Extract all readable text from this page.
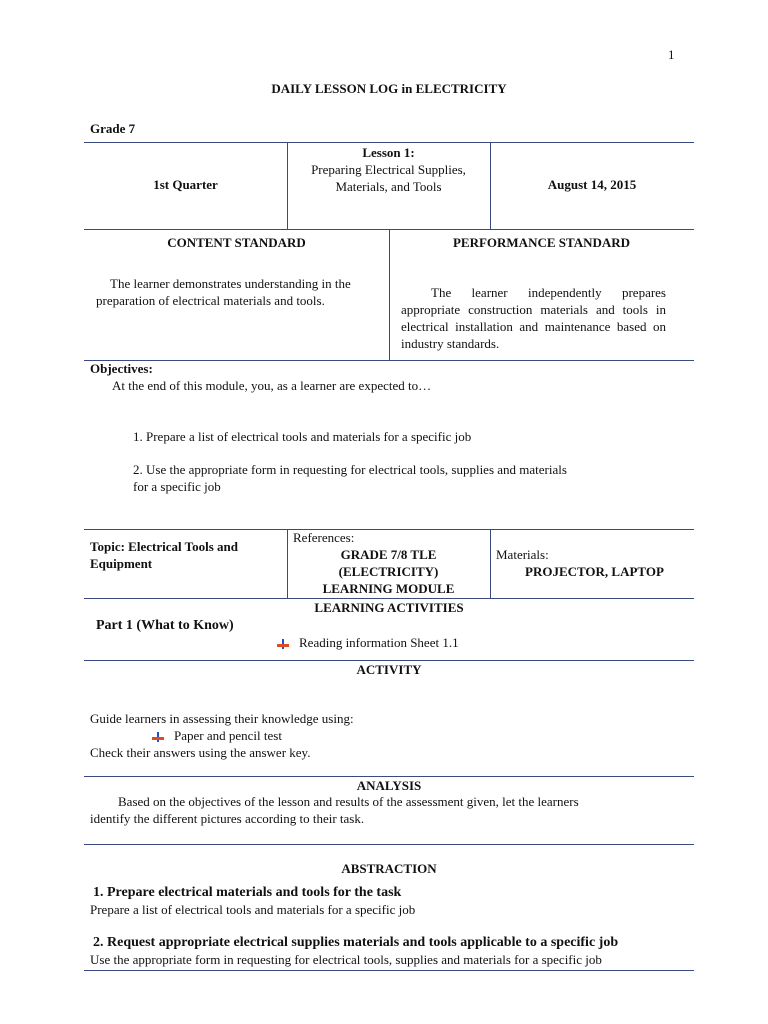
1
DAILY LESSON LOG in ELECTRICITY
Grade 7
1st Quarter
Lesson 1:
Preparing Electrical Supplies,
Materials, and Tools	August 14, 2015
CONTENT STANDARD
The learner demonstrates understanding in the preparation of electrical materials and tools.
PERFORMANCE STANDARD
The learner independently prepares appropriate construction materials and tools in electrical installation and maintenance based on industry standards.
Objectives:
At the end of this module, you, as a learner are expected to…
1. Prepare a list of electrical tools and materials for a specific job
2. Use the appropriate form in requesting for electrical tools, supplies and materials
for a specific job
Topic: Electrical Tools and Equipment
References:
GRADE 7/8 TLE
(ELECTRICITY)
LEARNING MODULE
Materials:
PROJECTOR, LAPTOP
LEARNING ACTIVITIES
Part 1 (What to Know)
Reading information Sheet 1.1
ACTIVITY
Guide learners in assessing their knowledge using:
Paper and pencil test
Check their answers using the answer key.
ANALYSIS
Based on the objectives of the lesson and results of the assessment given, let the learners
identify the different pictures according to their task.
ABSTRACTION
1. Prepare electrical materials and tools for the task
Prepare a list of electrical tools and materials for a specific job
2. Request appropriate electrical supplies materials and tools applicable to a specific job
Use the appropriate form in requesting for electrical tools, supplies and materials for a specific job
